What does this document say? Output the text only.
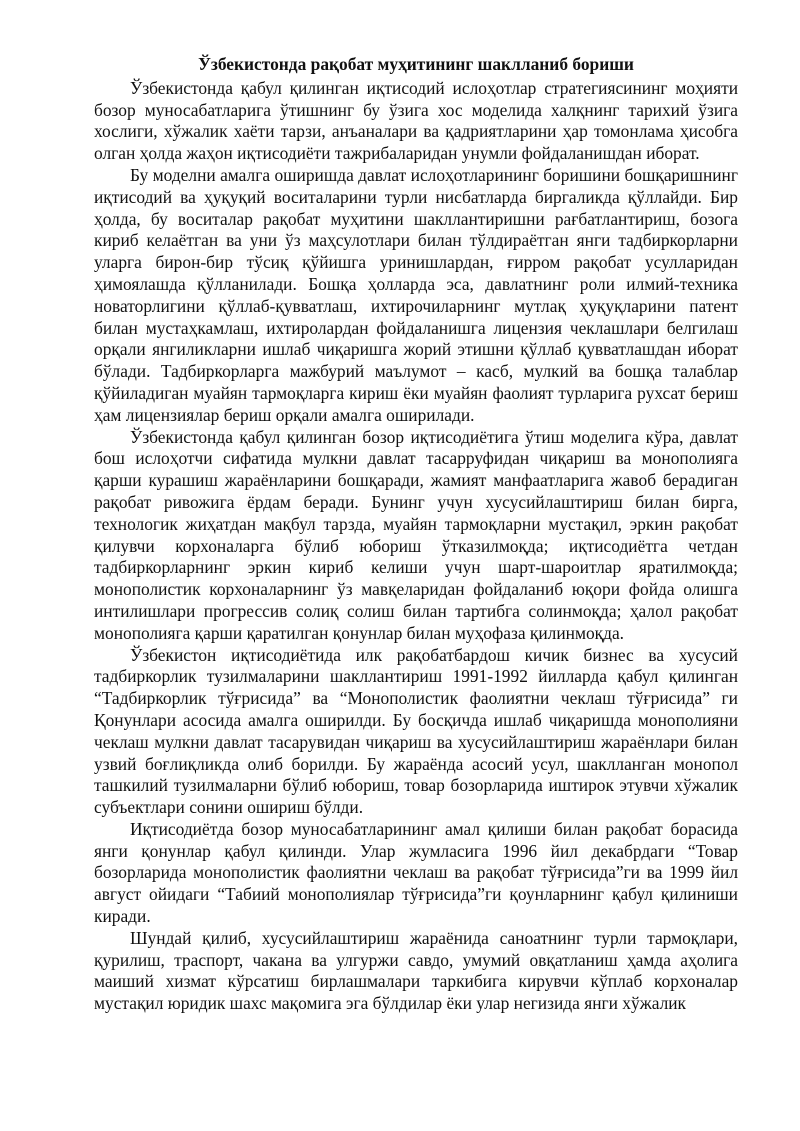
Ўзбекистонда рақобат муҳитининг шаклланиб бориши

Ўзбекистонда қабул қилинган иқтисодий ислоҳотлар стратегиясининг моҳияти бозор муносабатларига ўтишнинг бу ўзига хос моделида халқнинг тарихий ўзига хослиги, хўжалик хаёти тарзи, анъаналари ва қадриятларини ҳар томонлама ҳисобга олган ҳолда жаҳон иқтисодиёти тажрибаларидан унумли фойдаланишдан иборат.

Бу моделни амалга оширишда давлат ислоҳотларининг боришини бошқаришнинг иқтисодий ва ҳуқуқий воситаларини турли нисбатларда биргаликда қўллайди. Бир ҳолда, бу воситалар рақобат муҳитини шакллантиришни рағбатлантириш, бозога кириб келаётган ва уни ўз маҳсулотлари билан тўлдираётган янги тадбиркорларни уларга бирон-бир тўсиқ қўйишга уринишлардан, ғирром рақобат усулларидан ҳимоялашда қўлланилади. Бошқа ҳолларда эса, давлатнинг роли илмий-техника новаторлигини қўллаб-қувватлаш, ихтирочиларнинг мутлақ ҳуқуқларини патент билан мустаҳкамлаш, ихтиролардан фойдаланишга лицензия чеклашлари белгилаш орқали янгиликларни ишлаб чиқаришга жорий этишни қўллаб қувватлашдан иборат бўлади. Тадбиркорларга мажбурий маълумот – касб, мулкий ва бошқа талаблар қўйиладиган муайян тармоқларга кириш ёки муайян фаолият турларига рухсат бериш ҳам лицензиялар бериш орқали амалга оширилади.

Ўзбекистонда қабул қилинган бозор иқтисодиётига ўтиш моделига кўра, давлат бош ислоҳотчи сифатида мулкни давлат тасарруфидан чиқариш ва монополияга қарши курашиш жараёнларини бошқаради, жамият манфаатларига жавоб берадиган рақобат ривожига ёрдам беради. Бунинг учун хусусийлаштириш билан бирга, технологик жиҳатдан мақбул тарзда, муайян тармоқларни мустақил, эркин рақобат қилувчи корхоналарга бўлиб юбориш ўтказилмоқда; иқтисодиётга четдан тадбиркорларнинг эркин кириб келиши учун шарт-шароитлар яратилмоқда; монополистик корхоналарнинг ўз мавқеларидан фойдаланиб юқори фойда олишга интилишлари прогрессив солиқ солиш билан тартибга солинмоқда; ҳалол рақобат монополияга қарши қаратилган қонунлар билан муҳофаза қилинмоқда.

Ўзбекистон иқтисодиётида илк рақобатбардош кичик бизнес ва хусусий тадбиркорлик тузилмаларини шакллантириш 1991-1992 йилларда қабул қилинган “Тадбиркорлик тўғрисида” ва “Монополистик фаолиятни чеклаш тўғрисида” ги Қонунлари асосида амалга оширилди. Бу босқичда ишлаб чиқаришда монополияни чеклаш мулкни давлат тасарувидан чиқариш ва хусусийлаштириш жараёнлари билан узвий боғлиқликда олиб борилди. Бу жараёнда асосий усул, шаклланган монопол ташкилий тузилмаларни бўлиб юбориш, товар бозорларида иштирок этувчи хўжалик субъектлари сонини ошириш бўлди.

Иқтисодиётда бозор муносабатларининг амал қилиши билан рақобат борасида янги қонунлар қабул қилинди. Улар жумласига 1996 йил декабрдаги “Товар бозорларида монополистик фаолиятни чеклаш ва рақобат тўғрисида”ги ва 1999 йил август ойидаги “Табиий монополиялар тўғрисида”ги қоунларнинг қабул қилиниши киради.

Шундай қилиб, хусусийлаштириш жараёнида саноатнинг турли тармоқлари, қурилиш, траспорт, чакана ва улгуржи савдо, умумий овқатланиш ҳамда аҳолига маиший хизмат кўрсатиш бирлашмалари таркибига кирувчи кўплаб корхоналар мустақил юридик шахс мақомига эга бўлдилар ёки улар негизида янги хўжалик
